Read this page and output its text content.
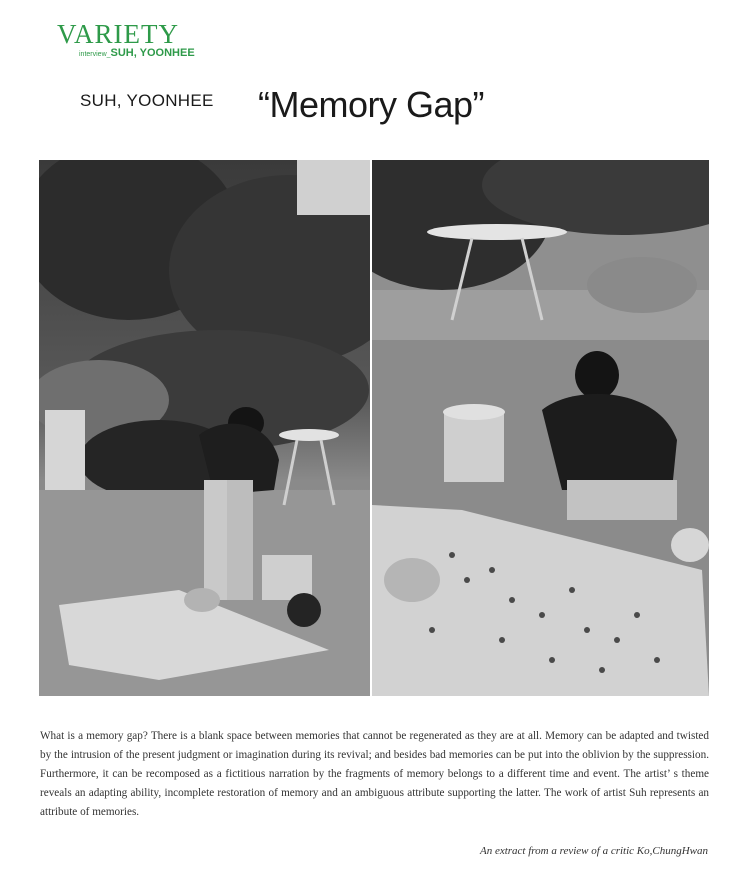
VARIETY
interview_SUH, YOONHEE
SUH, YOONHEE “Memory Gap”
What is a memory gap? There is a blank space between memories that cannot be regenerated as they are at all. Memory can be adapted and twisted by the intrusion of the present judgment or imagination during its revival; and besides bad memories can be put into the oblivion by the suppression. Furthermore, it can be recomposed as a fictitious narration by the fragments of memory belongs to a different time and event. The artist’ s theme reveals an adapting ability, incomplete restoration of memory and an ambiguous attribute supporting the latter. The work of artist Suh represents an attribute of memories.
An extract from a review of a critic Ko,ChungHwan
